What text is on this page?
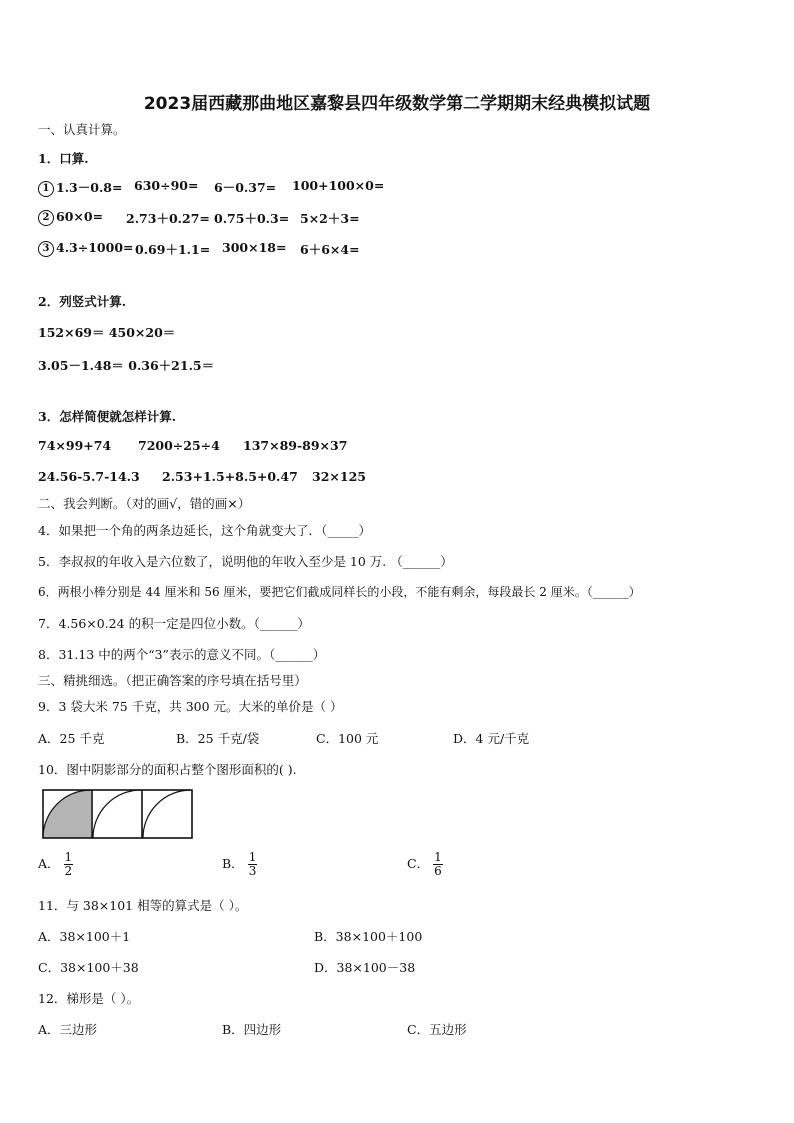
2023届西藏那曲地区嘉黎县四年级数学第二学期期末经典模拟试题
一、认真计算。
1．口算.
1 1.3－0.8= 630÷90= 6－0.37= 100+100×0=
2 60×0= 2.73＋0.27= 0.75＋0.3= 5×2＋3=
3 4.3÷1000= 0.69＋1.1= 300×18= 6＋6×4=
2．列竖式计算.
152×69＝ 450×20＝
3.05－1.48＝ 0.36＋21.5＝
3．怎样简便就怎样计算.
74×99+74 7200÷25÷4 137×89-89×37
24.56-5.7-14.3 2.53+1.5+8.5+0.47 32×125
二、我会判断。（对的画√，错的画×）
4．如果把一个角的两条边延长，这个角就变大了．（_____）
5．李叔叔的年收入是六位数了，说明他的年收入至少是 10 万. （______）
6．两根小棒分别是 44 厘米和 56 厘米，要把它们截成同样长的小段，不能有剩余，每段最长 2 厘米。（______）
7．4.56×0.24 的积一定是四位小数。（______）
8．31.13 中的两个“3”表示的意义不同。（______）
三、精挑细选。（把正确答案的序号填在括号里）
9．3 袋大米 75 千克，共 300 元。大米的单价是（ ）
A．25 千克	B．25 千克/袋	C．100 元	D．4 元/千克
10．图中阴影部分的面积占整个图形面积的( ).
A． $\frac{1}{2}$	B． $\frac{1}{3}$	C． $\frac{1}{6}$
11．与 38×101 相等的算式是（ ）。
A．38×100＋1	B．38×100＋100
C．38×100＋38	D．38×100－38
12．梯形是（ ）。
A．三边形	B．四边形	C．五边形
